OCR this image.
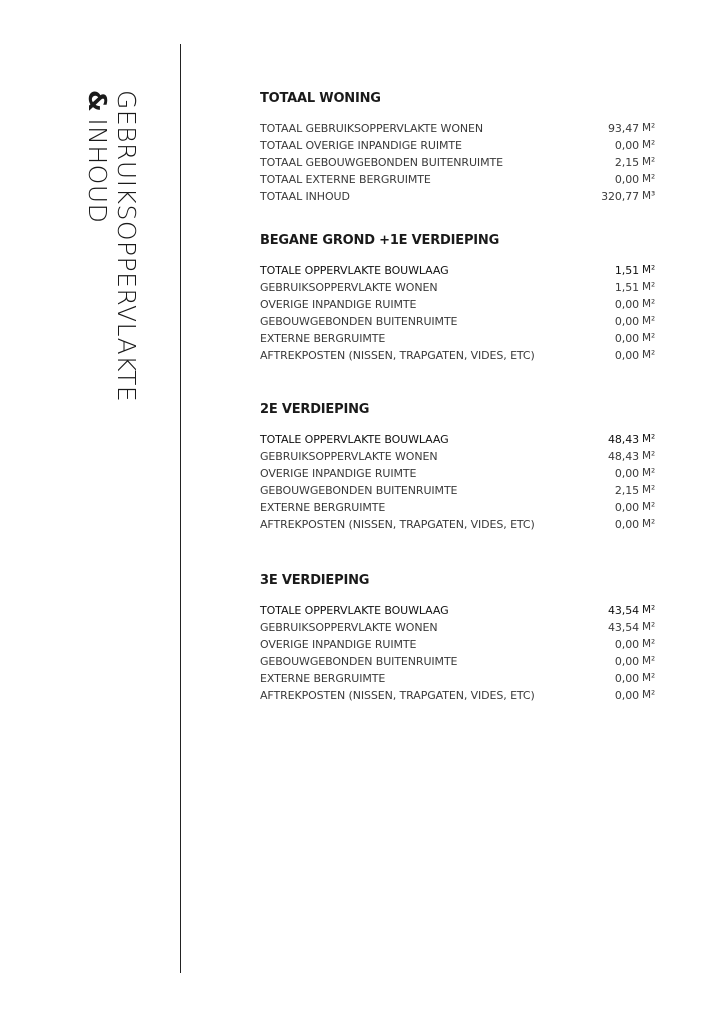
GEBRUIKSOPPERVLAKTE
&INHOUD
TOTAAL WONING
TOTAAL GEBRUIKSOPPERVLAKTE WONEN	93,47 M²
TOTAAL OVERIGE INPANDIGE RUIMTE	0,00 M²
TOTAAL GEBOUWGEBONDEN BUITENRUIMTE	2,15 M²
TOTAAL EXTERNE BERGRUIMTE	0,00 M²
TOTAAL INHOUD	320,77 M³
BEGANE GROND +1E VERDIEPING
TOTALE OPPERVLAKTE BOUWLAAG	1,51 M²
GEBRUIKSOPPERVLAKTE WONEN	1,51 M²
OVERIGE INPANDIGE RUIMTE	0,00 M²
GEBOUWGEBONDEN BUITENRUIMTE	0,00 M²
EXTERNE BERGRUIMTE	0,00 M²
AFTREKPOSTEN (NISSEN, TRAPGATEN, VIDES, ETC)	0,00 M²
2E VERDIEPING
TOTALE OPPERVLAKTE BOUWLAAG	48,43 M²
GEBRUIKSOPPERVLAKTE WONEN	48,43 M²
OVERIGE INPANDIGE RUIMTE	0,00 M²
GEBOUWGEBONDEN BUITENRUIMTE	2,15 M²
EXTERNE BERGRUIMTE	0,00 M²
AFTREKPOSTEN (NISSEN, TRAPGATEN, VIDES, ETC)	0,00 M²
3E VERDIEPING
TOTALE OPPERVLAKTE BOUWLAAG	43,54 M²
GEBRUIKSOPPERVLAKTE WONEN	43,54 M²
OVERIGE INPANDIGE RUIMTE	0,00 M²
GEBOUWGEBONDEN BUITENRUIMTE	0,00 M²
EXTERNE BERGRUIMTE	0,00 M²
AFTREKPOSTEN (NISSEN, TRAPGATEN, VIDES, ETC)	0,00 M²
